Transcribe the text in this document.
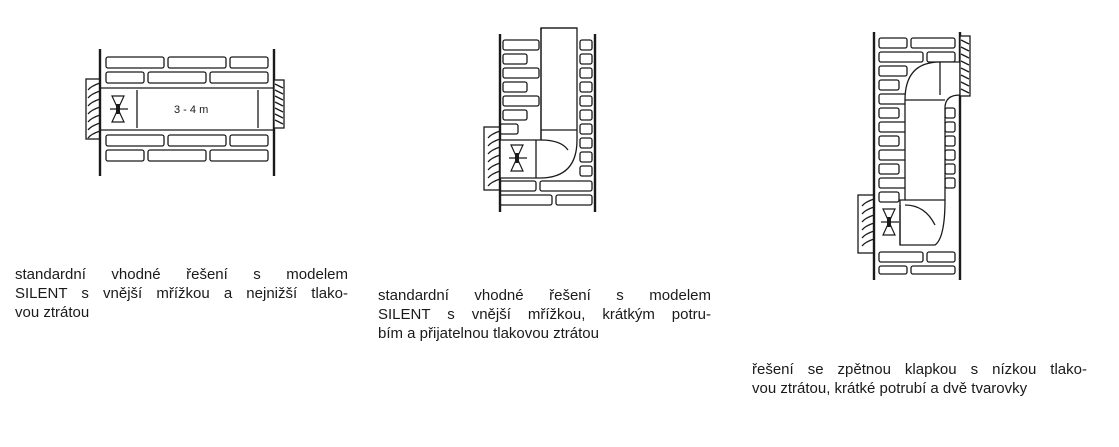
3 - 4 m
standardní vhodné řešení s modelem
SILENT s vnější mřížkou a nejnižší tlako-
vou ztrátou
standardní vhodné řešení s modelem
SILENT s vnější mřížkou, krátkým potru-
bím a přijatelnou tlakovou ztrátou
řešení se zpětnou klapkou s nízkou tlako-
vou ztrátou, krátké potrubí a dvě tvarovky
